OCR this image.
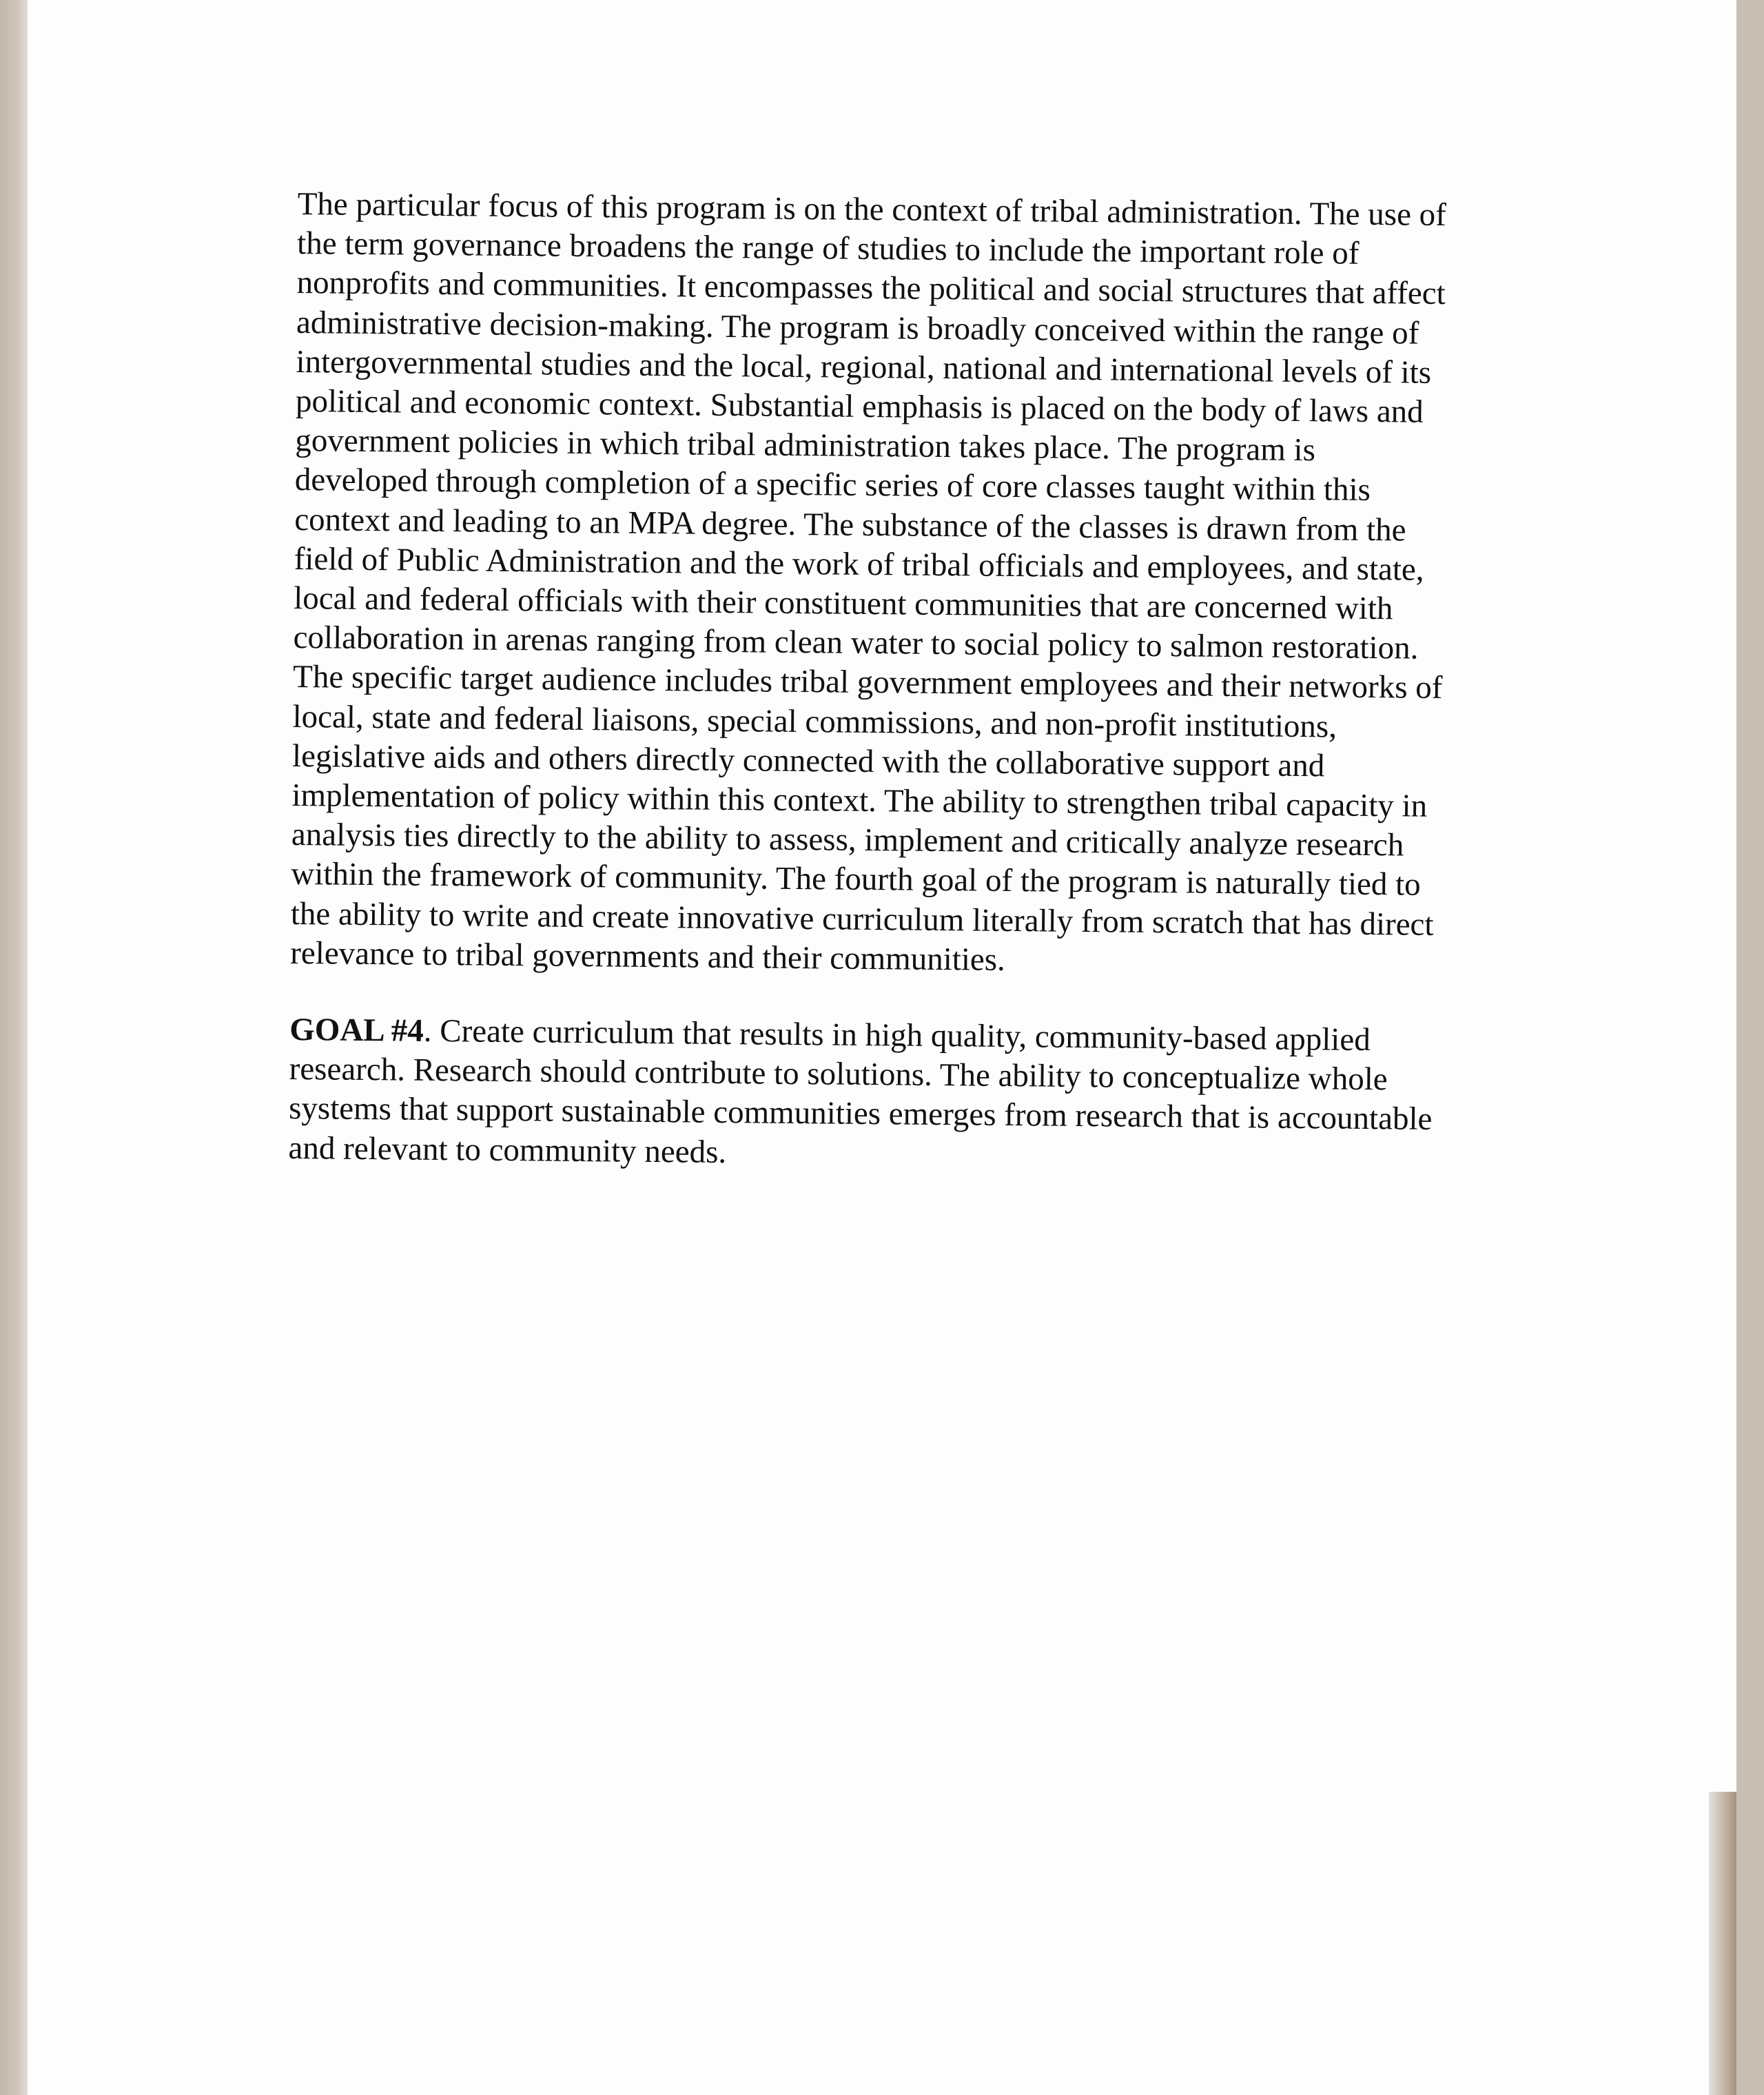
The particular focus of this program is on the context of tribal administration. The use of
the term governance broadens the range of studies to include the important role of
nonprofits and communities. It encompasses the political and social structures that affect
administrative decision-making. The program is broadly conceived within the range of
intergovernmental studies and the local, regional, national and international levels of its
political and economic context. Substantial emphasis is placed on the body of laws and
government policies in which tribal administration takes place. The program is
developed through completion of a specific series of core classes taught within this
context and leading to an MPA degree. The substance of the classes is drawn from the
field of Public Administration and the work of tribal officials and employees, and state,
local and federal officials with their constituent communities that are concerned with
collaboration in arenas ranging from clean water to social policy to salmon restoration.
The specific target audience includes tribal government employees and their networks of
local, state and federal liaisons, special commissions, and non-profit institutions,
legislative aids and others directly connected with the collaborative support and
implementation of policy within this context. The ability to strengthen tribal capacity in
analysis ties directly to the ability to assess, implement and critically analyze research
within the framework of community. The fourth goal of the program is naturally tied to
the ability to write and create innovative curriculum literally from scratch that has direct
relevance to tribal governments and their communities.
GOAL #4. Create curriculum that results in high quality, community-based applied
research. Research should contribute to solutions. The ability to conceptualize whole
systems that support sustainable communities emerges from research that is accountable
and relevant to community needs.
